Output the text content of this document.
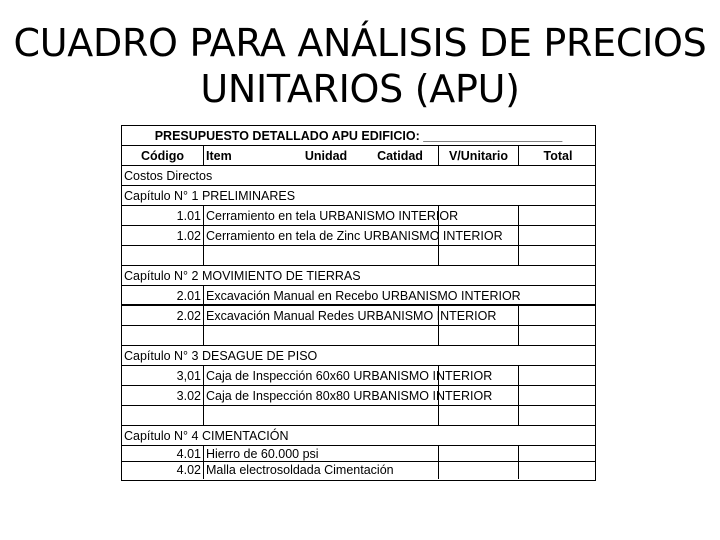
CUADRO PARA ANÁLISIS DE PRECIOS
UNITARIOS (APU)
PRESUPUESTO DETALLADO APU EDIFICIO: ____________________
Código	Item	Unidad	Catidad	V/Unitario	Total
Costos Directos
Capítulo N° 1 PRELIMINARES
1.01 Cerramiento en tela URBANISMO INTERIOR
1.02 Cerramiento en tela de Zinc URBANISMO INTERIOR
Capítulo N° 2 MOVIMIENTO DE TIERRAS
2.01 Excavación Manual en Recebo URBANISMO INTERIOR
2.02 Excavación Manual Redes URBANISMO INTERIOR
Capítulo N° 3 DESAGUE DE PISO
3,01 Caja de Inspección 60x60 URBANISMO INTERIOR
3.02 Caja de Inspección 80x80 URBANISMO INTERIOR
Capítulo N° 4 CIMENTACIÓN
4.01 Hierro de 60.000 psi
4.02 Malla electrosoldada Cimentación
